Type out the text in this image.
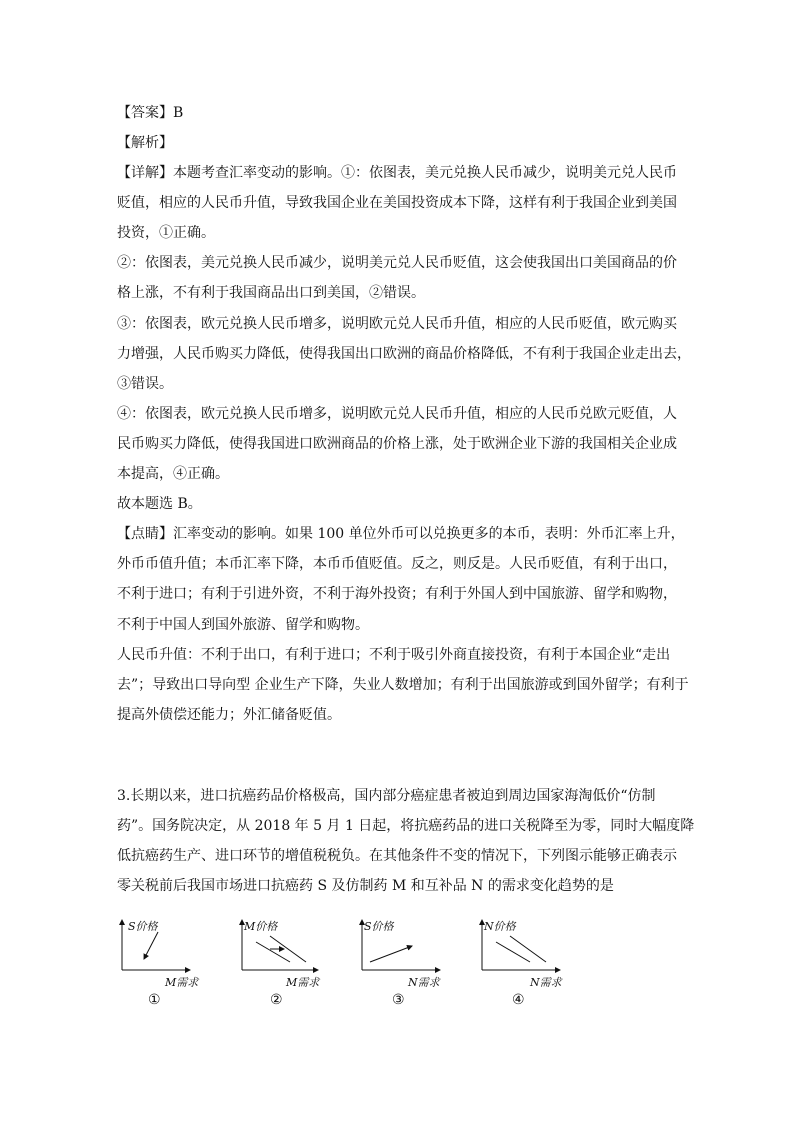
【答案】B
【解析】
【详解】本题考查汇率变动的影响。①：依图表，美元兑换人民币减少，说明美元兑人民币
贬值，相应的人民币升值，导致我国企业在美国投资成本下降，这样有利于我国企业到美国
投资，①正确。
②：依图表，美元兑换人民币减少，说明美元兑人民币贬值，这会使我国出口美国商品的价
格上涨，不有利于我国商品出口到美国，②错误。
③：依图表，欧元兑换人民币增多，说明欧元兑人民币升值，相应的人民币贬值，欧元购买
力增强，人民币购买力降低，使得我国出口欧洲的商品价格降低，不有利于我国企业走出去，
③错误。
④：依图表，欧元兑换人民币增多，说明欧元兑人民币升值，相应的人民币兑欧元贬值，人
民币购买力降低，使得我国进口欧洲商品的价格上涨，处于欧洲企业下游的我国相关企业成
本提高，④正确。
故本题选 B。
【点睛】汇率变动的影响。如果 100 单位外币可以兑换更多的本币，表明：外币汇率上升，
外币币值升值；本币汇率下降，本币币值贬值。反之，则反是。人民币贬值，有利于出口，
不利于进口；有利于引进外资，不利于海外投资；有利于外国人到中国旅游、留学和购物，
不利于中国人到国外旅游、留学和购物。
人民币升值：不利于出口，有利于进口；不利于吸引外商直接投资，有利于本国企业“走出
去”；导致出口导向型 企业生产下降，失业人数增加；有利于出国旅游或到国外留学；有利于
提高外债偿还能力；外汇储备贬值。
3.长期以来，进口抗癌药品价格极高，国内部分癌症患者被迫到周边国家海淘低价“仿制
药”。国务院决定，从 2018 年 5 月 1 日起，将抗癌药品的进口关税降至为零，同时大幅度降
低抗癌药生产、进口环节的增值税税负。在其他条件不变的情况下，下列图示能够正确表示
零关税前后我国市场进口抗癌药 S 及仿制药 M 和互补品 N 的需求变化趋势的是
S价格
M需求
①
M价格
M需求
②
S价格
N需求
③
N价格
N需求
④
